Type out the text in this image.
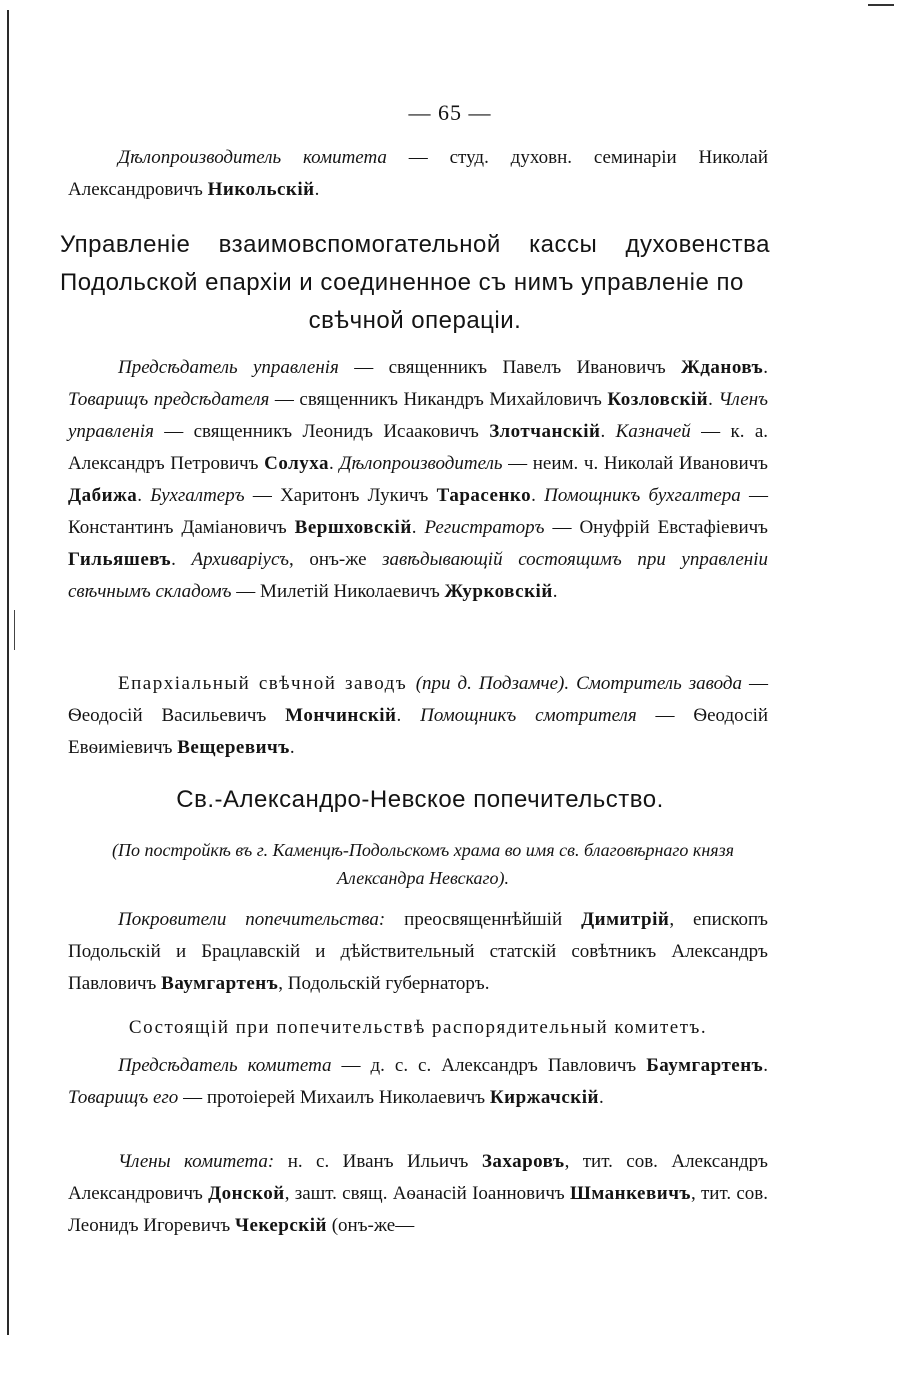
— 65 —

Дѣлопроизводитель комитета — студ. духовн. семинаріи Николай Александровичъ Никольскій.

Управленіе взаимовспомогательной кассы духовенства Подольской епархіи и соединенное съ нимъ управленіе по
свѣчной операціи.

Предсѣдатель управленія — священникъ Павелъ Ивановичъ Ждановъ. Товарищъ предсѣдателя — священникъ Никандръ Михайловичъ Козловскій. Членъ управленія — священникъ Леонидъ Исааковичъ Злотчанскій. Казначей — к. а. Александръ Петровичъ Солуха. Дѣлопроизводитель — неим. ч. Николай Ивановичъ Дабижа. Бухгалтеръ — Харитонъ Лукичъ Тарасенко. Помощникъ бухгалтера — Константинъ Даміановичъ Вершховскій. Регистраторъ — Онуфрій Евстафіевичъ Гильяшевъ. Архиваріусъ, онъ-же завѣдывающій состоящимъ при управленіи свѣчнымъ складомъ — Милетій Николаевичъ Журковскій.

Епархіальный свѣчной заводъ (при д. Подзамче). Смотритель завода — Ѳеодосій Васильевичъ Мончинскій. Помощникъ смотрителя — Ѳеодосій Евѳиміевичъ Вещеревичъ.

Св.-Александро-Невское попечительство.
(По постройкѣ въ г. Каменцѣ-Подольскомъ храма во имя св. благовѣрнаго князя Александра Невскаго).

Покровители попечительства: преосвященнѣйшій Димитрій, епископъ Подольскій и Брацлавскій и дѣйствительный статскій совѣтникъ Александръ Павловичъ Ваумгартенъ, Подольскій губернаторъ.

Состоящій при попечительствѣ распорядительный комитетъ.

Предсѣдатель комитета — д. с. с. Александръ Павловичъ Баумгартенъ. Товарищъ его — протоіерей Михаилъ Николаевичъ Киржачскій.

Члены комитета: н. с. Иванъ Ильичъ Захаровъ, тит. сов. Александръ Александровичъ Донской, зашт. свящ. Аѳанасій Іоанновичъ Шманкевичъ, тит. сов. Леонидъ Игоревичъ Чекерскій (онъ-же—
